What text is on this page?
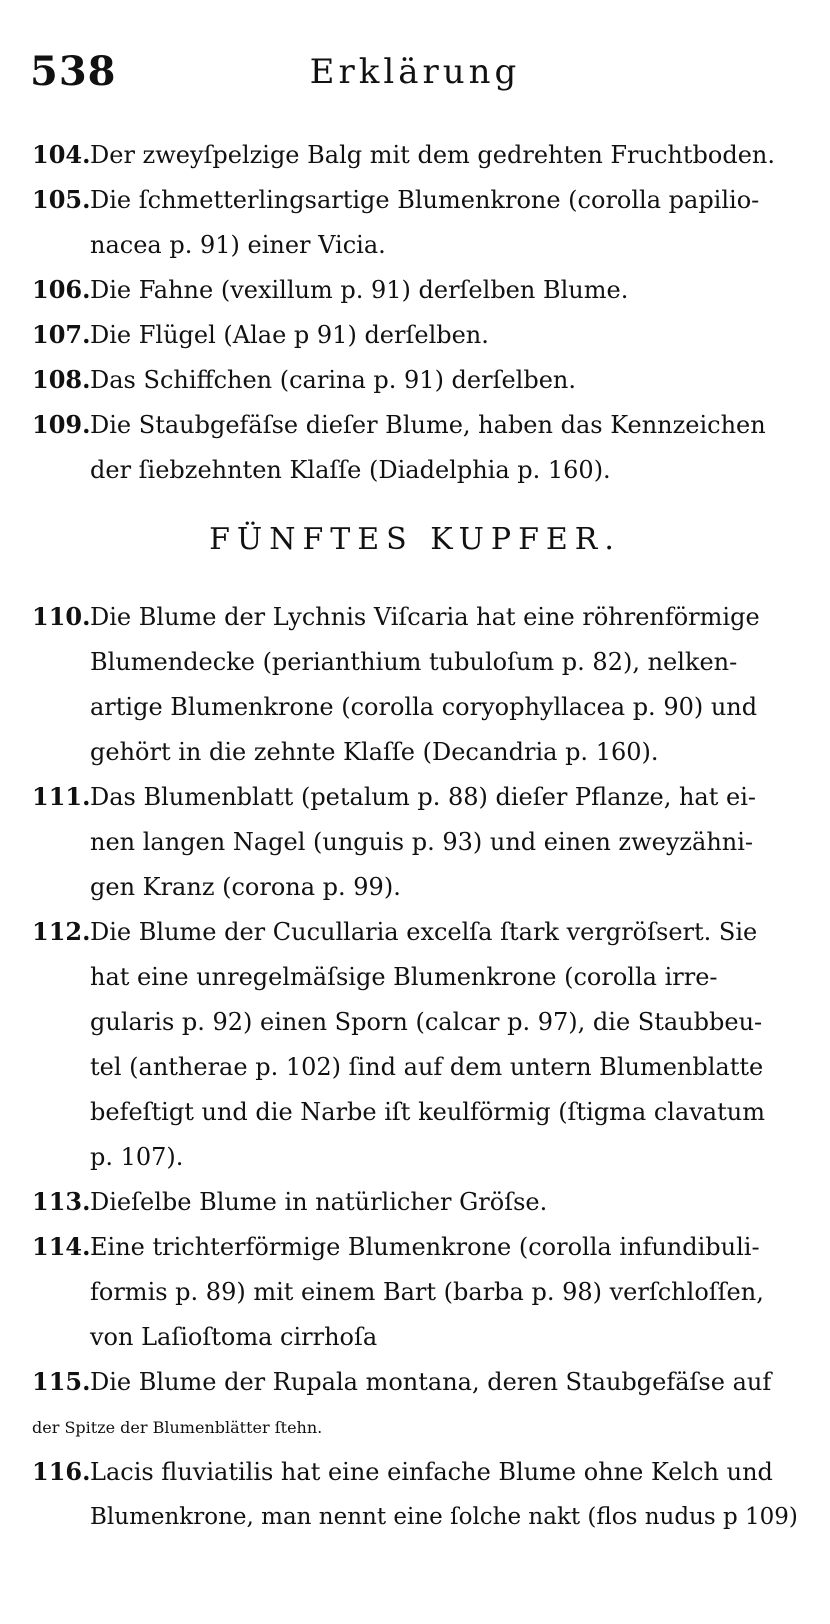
538	Erklärung
104.Der zweyſpelzige Balg mit dem gedrehten Fruchtboden.
105.Die ſchmetterlingsartige Blumenkrone (corolla papilio-
nacea p. 91) einer Vicia.
106.Die Fahne (vexillum p. 91) derſelben Blume.
107.Die Flügel (Alae p 91) derſelben.
108.Das Schiffchen (carina p. 91) derſelben.
109.Die Staubgefäſse dieſer Blume, haben das Kennzeichen
der ſiebzehnten Klaſſe (Diadelphia p. 160).
FÜNFTES KUPFER.
110.Die Blume der Lychnis Viſcaria hat eine röhrenförmige
Blumendecke (perianthium tubuloſum p. 82), nelken-
artige Blumenkrone (corolla coryophyllacea p. 90) und
gehört in die zehnte Klaſſe (Decandria p. 160).
111.Das Blumenblatt (petalum p. 88) dieſer Pflanze, hat ei-
nen langen Nagel (unguis p. 93) und einen zweyzähni-
gen Kranz (corona p. 99).
112.Die Blume der Cucullaria excelſa ſtark vergröſsert. Sie
hat eine unregelmäſsige Blumenkrone (corolla irre-
gularis p. 92) einen Sporn (calcar p. 97), die Staubbeu-
tel (antherae p. 102) ſind auf dem untern Blumenblatte
befeſtigt und die Narbe iſt keulförmig (ſtigma clavatum
p. 107).
113.Dieſelbe Blume in natürlicher Gröſse.
114.Eine trichterförmige Blumenkrone (corolla infundibuli-
formis p. 89) mit einem Bart (barba p. 98) verſchloſſen,
von Laſioſtoma cirrhoſa
115.Die Blume der Rupala montana, deren Staubgefäſse auf
der Spitze der Blumenblätter ſtehn.
116.Lacis fluviatilis hat eine einfache Blume ohne Kelch und
Blumenkrone, man nennt eine ſolche nakt (flos nudus p 109)
